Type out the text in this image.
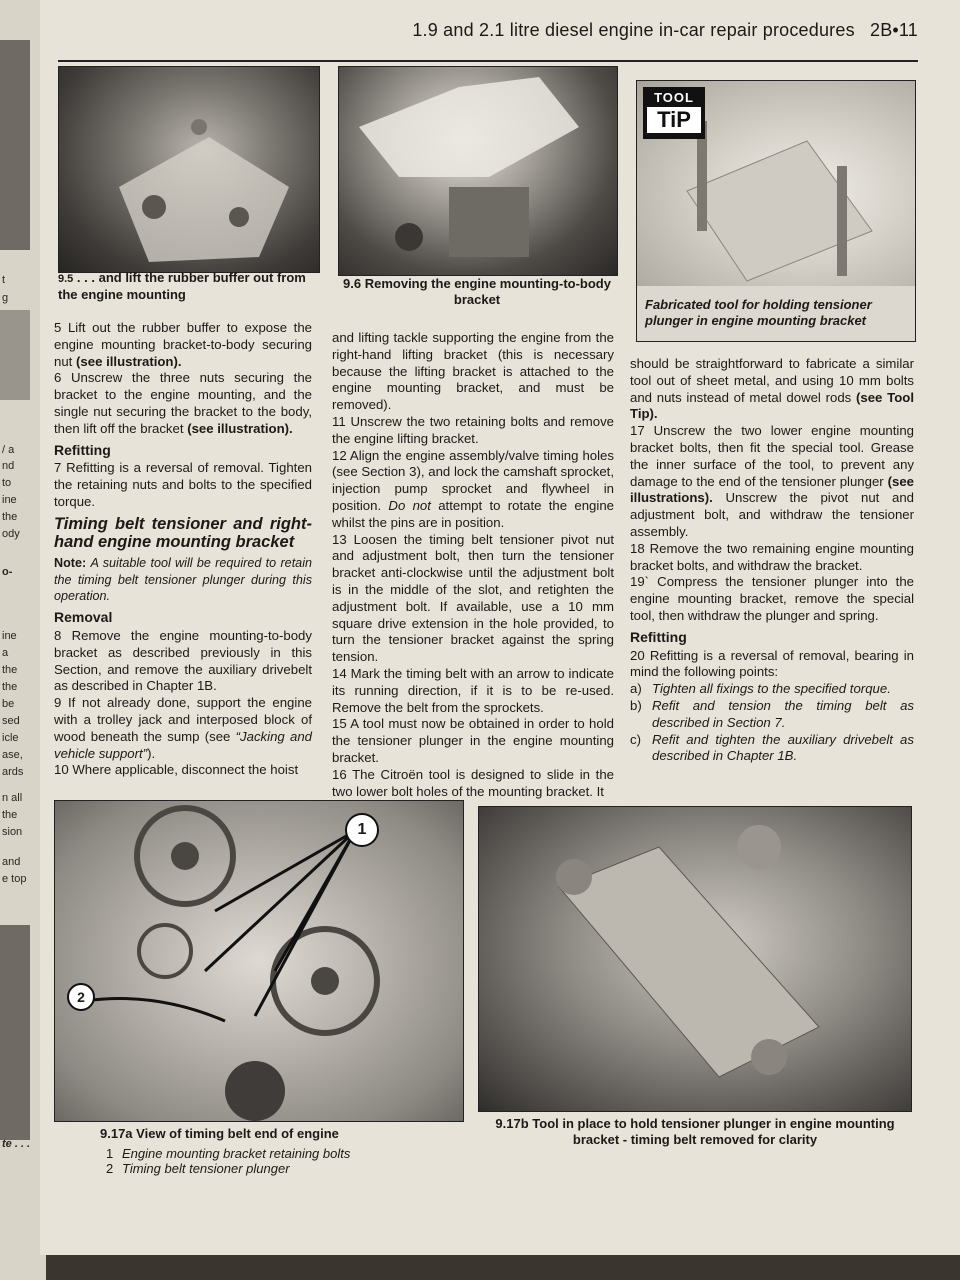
t
g
/ a
nd
to
ine
the
ody
o-
ine
a
the
the
be
sed
icle
ase,
ards
n all
the
sion
and
e top
te . . .
1.9 and 2.1 litre diesel engine in-car repair procedures 2B•11
9.5 . . . and lift the rubber buffer out from the engine mounting
9.6 Removing the engine mounting-to-body bracket
TOOL
TiP
Fabricated tool for holding tensioner plunger in engine mounting bracket

5 Lift out the rubber buffer to expose the engine mounting bracket-to-body securing nut (see illustration).

6 Unscrew the three nuts securing the bracket to the engine mounting, and the single nut securing the bracket to the body, then lift off the bracket (see illustration).

Refitting

7 Refitting is a reversal of removal. Tighten the retaining nuts and bolts to the specified torque.

Timing belt tensioner and right-hand engine mounting bracket

Note: A suitable tool will be required to retain the timing belt tensioner plunger during this operation.

Removal

8 Remove the engine mounting-to-body bracket as described previously in this Section, and remove the auxiliary drivebelt as described in Chapter 1B.

9 If not already done, support the engine with a trolley jack and interposed block of wood beneath the sump (see “Jacking and vehicle support”).

10 Where applicable, disconnect the hoist

and lifting tackle supporting the engine from the right-hand lifting bracket (this is necessary because the lifting bracket is attached to the engine mounting bracket, and must be removed).

11 Unscrew the two retaining bolts and remove the engine lifting bracket.

12 Align the engine assembly/valve timing holes (see Section 3), and lock the camshaft sprocket, injection pump sprocket and flywheel in position. Do not attempt to rotate the engine whilst the pins are in position.

13 Loosen the timing belt tensioner pivot nut and adjustment bolt, then turn the tensioner bracket anti-clockwise until the adjustment bolt is in the middle of the slot, and retighten the adjustment bolt. If available, use a 10 mm square drive extension in the hole provided, to turn the tensioner bracket against the spring tension.

14 Mark the timing belt with an arrow to indicate its running direction, if it is to be re-used. Remove the belt from the sprockets.

15 A tool must now be obtained in order to hold the tensioner plunger in the engine mounting bracket.

16 The Citroën tool is designed to slide in the two lower bolt holes of the mounting bracket. It

should be straightforward to fabricate a similar tool out of sheet metal, and using 10 mm bolts and nuts instead of metal dowel rods (see Tool Tip).

17 Unscrew the two lower engine mounting bracket bolts, then fit the special tool. Grease the inner surface of the tool, to prevent any damage to the end of the tensioner plunger (see illustrations). Unscrew the pivot nut and adjustment bolt, and withdraw the tensioner assembly.

18 Remove the two remaining engine mounting bracket bolts, and withdraw the bracket.

19` Compress the tensioner plunger into the engine mounting bracket, remove the special tool, then withdraw the plunger and spring.

Refitting

20 Refitting is a reversal of removal, bearing in mind the following points:

a) Tighten all fixings to the specified torque.
b) Refit and tension the timing belt as described in Section 7.
c) Refit and tighten the auxiliary drivebelt as described in Chapter 1B.
1
2
9.17a View of timing belt end of engine
1 Engine mounting bracket retaining bolts
2 Timing belt tensioner plunger
9.17b Tool in place to hold tensioner plunger in engine mounting bracket - timing belt removed for clarity
